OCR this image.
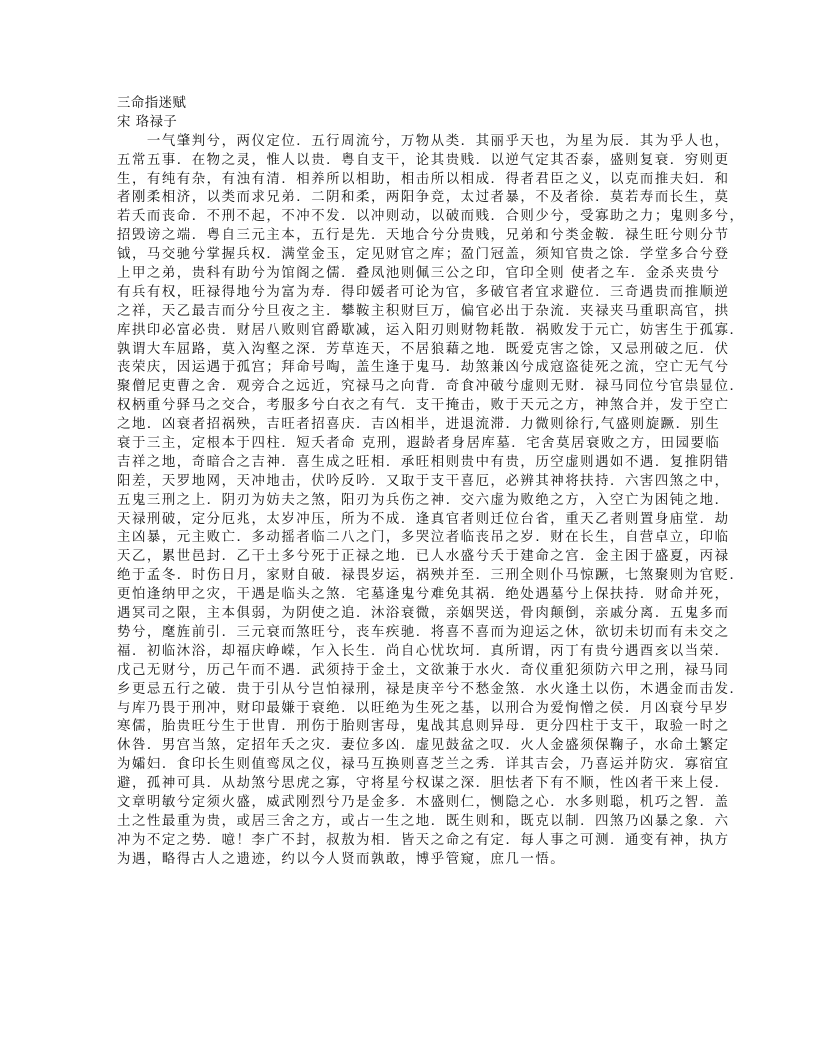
三命指迷赋
宋 珞禄子
　　一气肇判兮，两仪定位．五行周流兮，万物从类．其丽乎天也，为星为辰．其为乎人也，
五常五事．在物之灵，惟人以贵．粤自支干，论其贵贱．以逆气定其否泰，盛则复衰．穷则更
生，有纯有杂，有浊有清．相养所以相助，相击所以相成．得者君臣之义，以克而推夫妇．和
者刚柔相济，以类而求兄弟．二阴和柔，两阳争竞，太过者暴，不及者徐．莫若寿而长生，莫
若夭而丧命．不刑不起，不冲不发．以冲则动，以破而贱．合则少兮，受寡助之力；鬼则多兮，
招毁谤之端．粤自三元主本，五行是先．天地合兮分贵贱，兄弟和兮类金鞍．禄生旺兮则分节
钺，马交驰兮掌握兵权．满堂金玉，定见财官之库；盈门冠盖，须知官贵之馀．学堂多合兮登
上甲之弟，贵科有助兮为馆阁之儒．叠凤池则佩三公之印，官印全则 使者之车．金杀夹贵兮
有兵有权，旺禄得地兮为富为寿．得印媛者可论为官，多破官者宜求避位．三奇遇贵而推顺逆
之祥，天乙最吉而分兮旦夜之主．攀鞍主积财巨万，偏官必出于杂流．夹禄夹马重职高官，拱
库拱印必富必贵．财居八败则官爵歇减，运入阳刃则财物耗散．祸败发于元亡，妨害生于孤寡．
孰谓大车屈路，莫入沟壑之深．芳草连天，不居狼藉之地．既爱克害之馀，又忌刑破之厄．伏
丧荣庆，因运遇于孤宫；拜命号啕，盖生逢于鬼马．劫煞兼凶兮成寇盗徒死之流，空亡无气兮
聚僧尼吏曹之舍．观旁合之远近，究禄马之向背．奇食冲破兮虚则无财．禄马同位兮官祟显位．
权柄重兮驿马之交合，考服多兮白衣之有气．支干掩击，败于天元之方，神煞合并，发于空亡
之地．凶衰者招祸殃，吉旺者招喜庆．吉凶相半，进退流滞．力微则徐行,气盛则旋蹶．别生
衰于三主，定根本于四柱．短夭者命 克刑，遐龄者身居库墓．宅舍莫居衰败之方，田园要临
吉祥之地，奇暗合之吉神．喜生成之旺相．承旺相则贵中有贵，历空虚则遇如不遇．复推阴错
阳差，天罗地网，天冲地击，伏吟反吟．又取于支干喜厄，必辨其神将扶持．六害四煞之中，
五鬼三刑之上．阴刃为妨夫之煞，阳刃为兵伤之神．交六虚为败绝之方，入空亡为困钝之地．
天禄刑破，定分厄兆，太岁冲压，所为不成．逢真官者则迁位台省，重天乙者则置身庙堂．劫
主凶暴，元主败亡．多动摇者临二八之门，多哭泣者临丧吊之岁．财在长生，自营卓立，印临
天乙，累世邑封．乙干土多兮死于正禄之地．已人水盛兮夭于建命之宫．金主困于盛夏，丙禄
绝于孟冬．时伤日月，家财自破．禄畏岁运，祸殃并至．三刑全则仆马惊蹶，七煞聚则为官贬．
更怕逢纳甲之灾，干遇是临头之煞．宅墓逢鬼兮难免其祸．绝处遇墓兮上保扶持．财命并死，
遇冥司之限，主本俱弱，为阴使之追．沐浴衰微，亲姻哭送，骨肉颠倒，亲戚分离．五鬼多而
势兮，麾旌前引．三元衰而煞旺兮，丧车疾驰．将喜不喜而为迎运之休，欲切未切而有未交之
福．初临沐浴，却福庆峥嵘，乍入长生．尚自心忧坎坷．真所谓，丙丁有贵兮遇酉亥以当荣．
戊己无财兮，历己午而不遇．武须持于金土，文欲兼于水火．奇仪重犯须防六甲之刑，禄马同
乡更忌五行之破．贵于引从兮岂怕禄刑，禄是庚辛兮不愁金煞．水火逢土以伤，木遇金而击发．
与库乃畏于刑冲，财印最嫌于衰绝．以旺绝为生死之基，以刑合为爱恂憎之侯．月凶衰兮早岁
寒儒，胎贵旺兮生于世胄．刑伤于胎则害母，鬼战其息则异母．更分四柱于支干，取验一时之
休咎．男宫当煞，定招年夭之灾．妻位多凶．虚见鼓盆之叹．火人金盛须保鞠子，水命土繁定
为孀妇．食印长生则值鸾凤之仪，禄马互换则喜芝兰之秀．详其吉会，乃喜运并防灾．寡宿宜
避，孤神可具．从劫煞兮思虎之寡，守将星兮权谋之深．胆怯者下有不顺，性凶者干来上侵．
文章明敏兮定须火盛，威武刚烈兮乃是金多．木盛则仁，恻隐之心．水多则聪，机巧之智．盖
土之性最重为贵，或居三舍之方，或占一生之地．既生则和，既克以制．四煞乃凶暴之象．六
冲为不定之势．噫！李广不封，叔敖为相．皆天之命之有定．每人事之可测．通变有神，执方
为遇，略得古人之遗迹，约以今人贤而孰敢，博乎管窥，庶几一悟。
